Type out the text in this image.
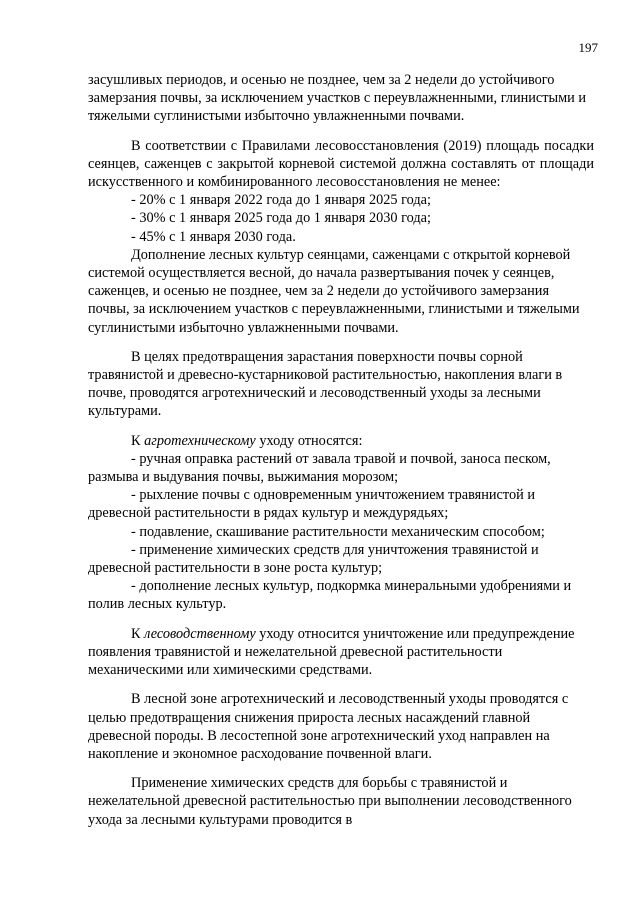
197

засушливых периодов, и осенью не позднее, чем за 2 недели до устойчивого замерзания почвы, за исключением участков с переувлажненными, глинистыми и тяжелыми суглинистыми избыточно увлажненными почвами.

В соответствии с Правилами лесовосстановления (2019) площадь посадки сеянцев, саженцев с закрытой корневой системой должна составлять от площади искусственного и комбинированного лесовосстановления не менее:

- 20% с 1 января 2022 года до 1 января 2025 года;

- 30% с 1 января 2025 года до 1 января 2030 года;

- 45% с 1 января 2030 года.

Дополнение лесных культур сеянцами, саженцами с открытой корневой системой осуществляется весной, до начала развертывания почек у сеянцев, саженцев, и осенью не позднее, чем за 2 недели до устойчивого замерзания почвы, за исключением участков с переувлажненными, глинистыми и тяжелыми суглинистыми избыточно увлажненными почвами.

В целях предотвращения зарастания поверхности почвы сорной травянистой и древесно-кустарниковой растительностью, накопления влаги в почве, проводятся агротехнический и лесоводственный уходы за лесными культурами.

К агротехническому уходу относятся:

- ручная оправка растений от завала травой и почвой, заноса песком, размыва и выдувания почвы, выжимания морозом;

- рыхление почвы с одновременным уничтожением травянистой и древесной растительности в рядах культур и междурядьях;

- подавление, скашивание растительности механическим способом;

- применение химических средств для уничтожения травянистой и древесной растительности в зоне роста культур;

- дополнение лесных культур, подкормка минеральными удобрениями и полив лесных культур.

К лесоводственному уходу относится уничтожение или предупреждение появления травянистой и нежелательной древесной растительности механическими или химическими средствами.

В лесной зоне агротехнический и лесоводственный уходы проводятся с целью предотвращения снижения прироста лесных насаждений главной древесной породы. В лесостепной зоне агротехнический уход направлен на накопление и экономное расходование почвенной влаги.

Применение химических средств для борьбы с травянистой и нежелательной древесной растительностью при выполнении лесоводственного ухода за лесными культурами проводится в
